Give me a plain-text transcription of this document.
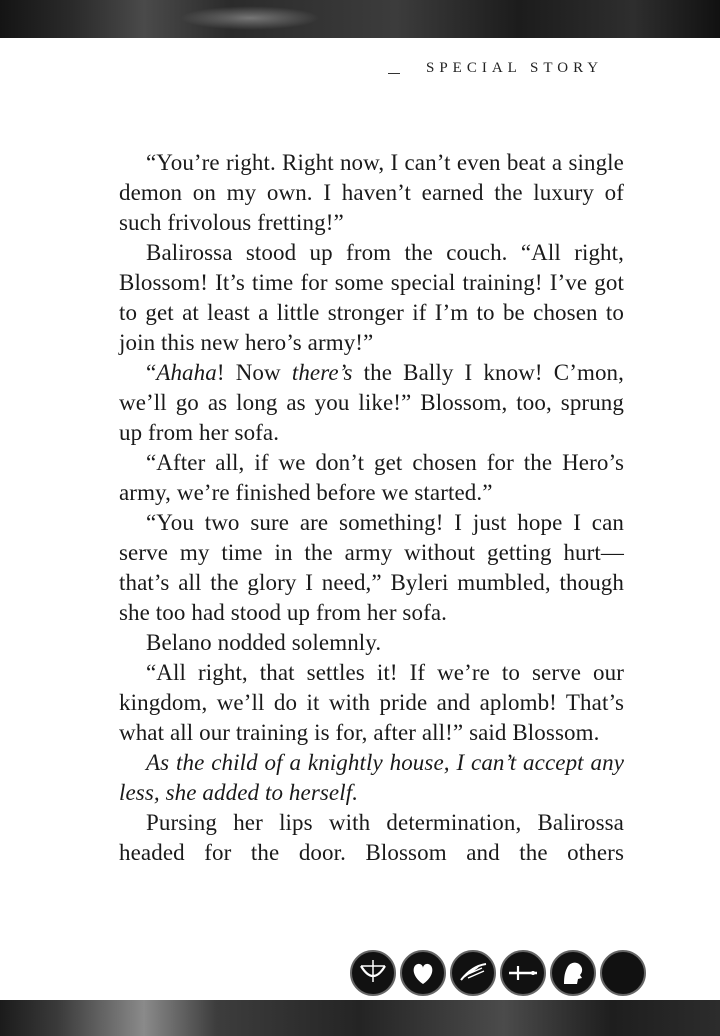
SPECIAL STORY

“You’re right. Right now, I can’t even beat a single demon on my own. I haven’t earned the luxury of such frivolous fretting!”

Balirossa stood up from the couch. “All right, Blossom! It’s time for some special training! I’ve got to get at least a little stronger if I’m to be chosen to join this new hero’s army!”

“Ahaha! Now there’s the Bally I know! C’mon, we’ll go as long as you like!” Blossom, too, sprung up from her sofa.

“After all, if we don’t get chosen for the Hero’s army, we’re finished before we started.”

“You two sure are something! I just hope I can serve my time in the army without getting hurt—that’s all the glory I need,” Byleri mumbled, though she too had stood up from her sofa.

Belano nodded solemnly.

“All right, that settles it! If we’re to serve our kingdom, we’ll do it with pride and aplomb! That’s what all our training is for, after all!” said Blossom.

As the child of a knightly house, I can’t accept any less, she added to herself.

Pursing her lips with determination, Balirossa headed for the door. Blossom and the others
